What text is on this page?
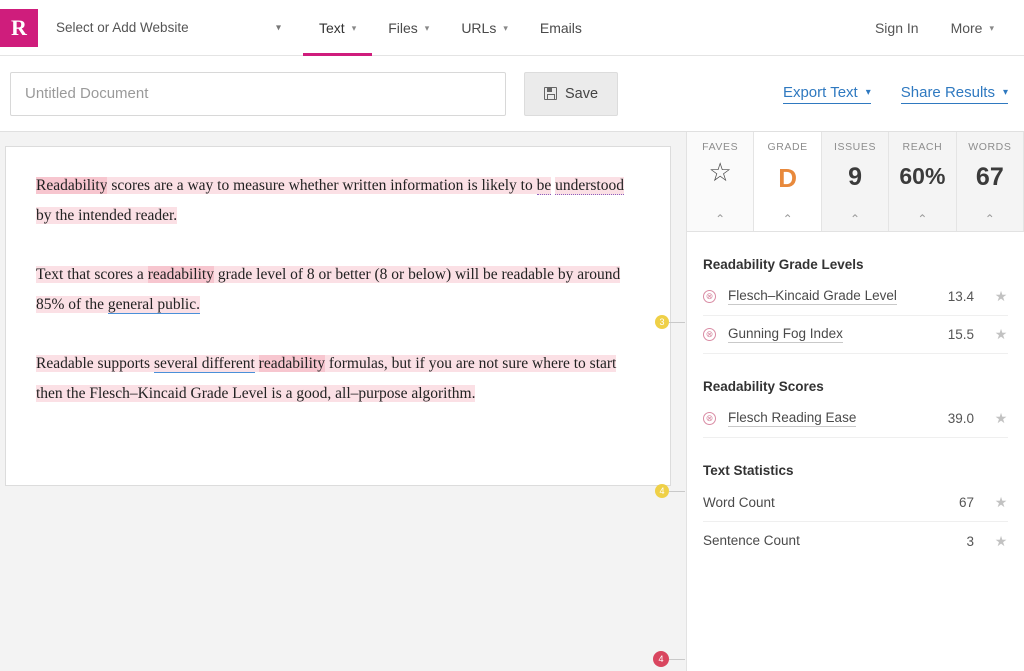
R	Select or Add Website	▾	Text ▾ Files ▾ URLs ▾ Emails	Sign In More ▾
Untitled Document
Save	Export Text ▾ Share Results ▾

Readability scores are a way to measure whether written information is likely to be understood by the intended reader.

Text that scores a readability grade level of 8 or better (8 or below) will be readable by around 85% of the general public.

Readable supports several different readability formulas, but if you are not sure where to start then the Flesch–Kincaid Grade Level is a good, all–purpose algorithm.

3
4
4
FAVES
☆
⌃
GRADE
D
⌃
ISSUES
9
⌃
REACH
60%
⌃
WORDS
67
⌃
Readability Grade Levels
⊗ Flesch–Kincaid Grade Level	13.4	★
⊗ Gunning Fog Index	15.5	★
Readability Scores
⊗ Flesch Reading Ease	39.0	★
Text Statistics
Word Count	67	★
Sentence Count	3	★
